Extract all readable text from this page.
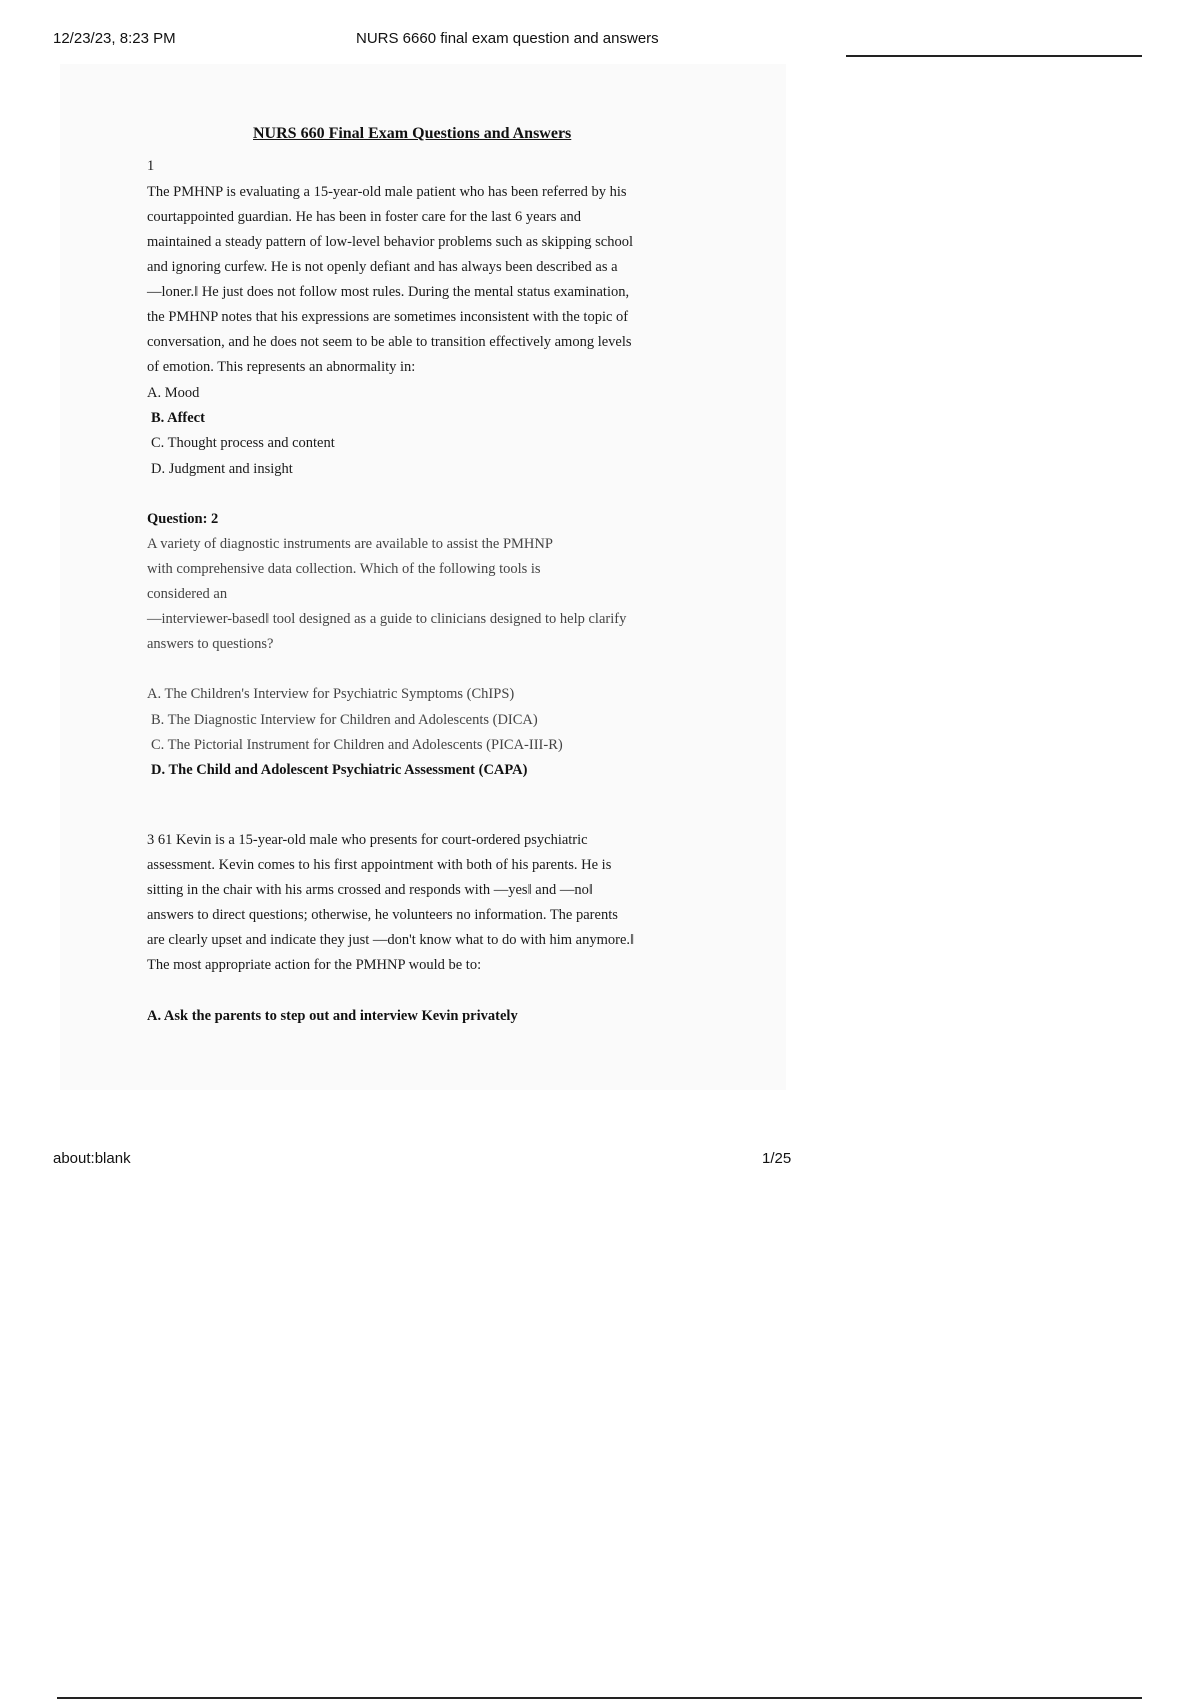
12/23/23, 8:23 PM	NURS 6660 final exam question and answers
NURS 660 Final Exam Questions and Answers
1
The PMHNP is evaluating a 15-year-old male patient who has been referred by his
courtappointed guardian. He has been in foster care for the last 6 years and
maintained a steady pattern of low-level behavior problems such as skipping school
and ignoring curfew. He is not openly defiant and has always been described as a
―loner.‖ He just does not follow most rules. During the mental status examination,
the PMHNP notes that his expressions are sometimes inconsistent with the topic of
conversation, and he does not seem to be able to transition effectively among levels
of emotion. This represents an abnormality in:
A. Mood
B. Affect
C. Thought process and content
D. Judgment and insight
Question: 2
A variety of diagnostic instruments are available to assist the PMHNP
with comprehensive data collection. Which of the following tools is
considered an
―interviewer-based‖ tool designed as a guide to clinicians designed to help clarify
answers to questions?
A. The Children's Interview for Psychiatric Symptoms (ChIPS)
B. The Diagnostic Interview for Children and Adolescents (DICA)
C. The Pictorial Instrument for Children and Adolescents (PICA-III-R)
D. The Child and Adolescent Psychiatric Assessment (CAPA)
3 61 Kevin is a 15-year-old male who presents for court-ordered psychiatric
assessment. Kevin comes to his first appointment with both of his parents. He is
sitting in the chair with his arms crossed and responds with ―yes‖ and ―no‖
answers to direct questions; otherwise, he volunteers no information. The parents
are clearly upset and indicate they just ―don't know what to do with him anymore.‖
The most appropriate action for the PMHNP would be to:
A. Ask the parents to step out and interview Kevin privately
about:blank	1/25
